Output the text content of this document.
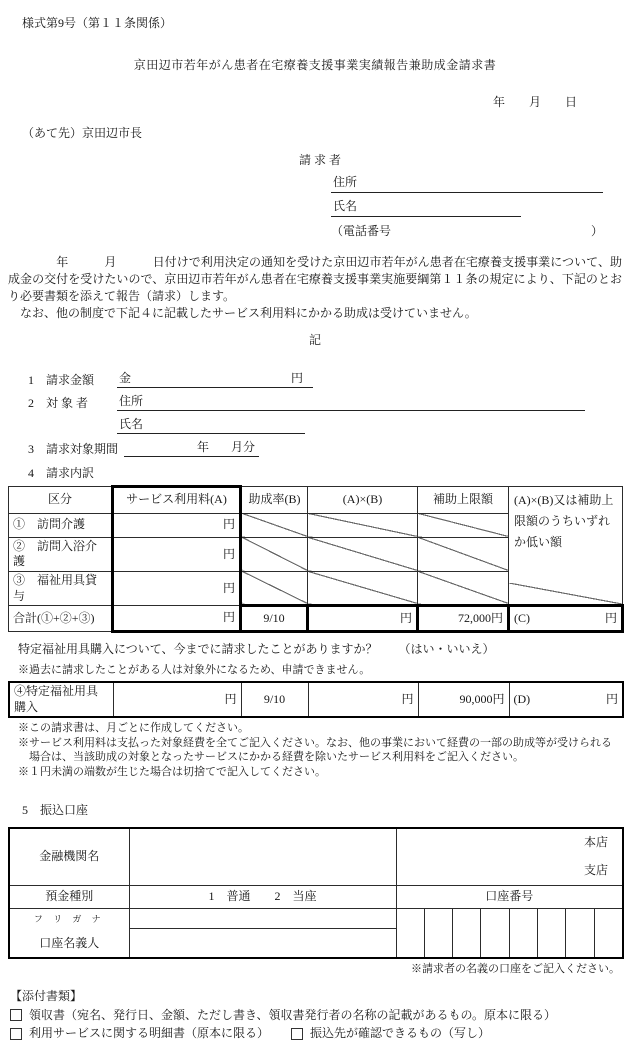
様式第9号（第１１条関係）
京田辺市若年がん患者在宅療養支援事業実績報告兼助成金請求書
年　　月　　日
（あて先）京田辺市長
請 求 者
住所
氏名
（電話番号	）

　　　　年　　　月　　　日付けで利用決定の通知を受けた京田辺市若年がん患者在宅療養支援事業について、助成金の交付を受けたいので、京田辺市若年がん患者在宅療養支援事業実施要綱第１１条の規定により、下記のとおり必要書類を添えて報告（請求）します。

　なお、他の制度で下記４に記載したサービス利用料にかかる助成は受けていません。

記
1　請求金額	金	円
2　対 象 者	住所
氏名
3　請求対象期間	年 月分
4　請求内訳
区分	サービス利用料(A)	助成率(B)	(A)×(B)	補助上限額	(A)×(B)又は補助上限額のうちいずれか低い額

①　訪問介護	円				
②　訪問入浴介護	円				
③　福祉用具貸与	円				
合計(①+②+③)	円	9/10	円	72,000円	(C) 円
特定福祉用具購入について、今までに請求したことがありますか？ （はい・いいえ）
※過去に請求したことがある人は対象外になるため、申請できません。
④特定福祉用具購入	円	9/10	円	90,000円	(D)	円
※この請求書は、月ごとに作成してください。
※サービス利用料は支払った対象経費を全てご記入ください。なお、他の事業において経費の一部の助成等が受けられる場合は、当該助成の対象となったサービスにかかる経費を除いたサービス利用料をご記入ください。
※１円未満の端数が生じた場合は切捨てで記入してください。
5　振込口座
金融機関名		本店
支店

預金種別	1　普通　　2　当座	口座番号

フ リ ガ ナ
口座名義人		

※請求者の名義の口座をご記入ください。
【添付書類】
領収書（宛名、発行日、金額、ただし書き、領収書発行者の名称の記載があるもの。原本に限る）
利用サービスに関する明細書（原本に限る）	振込先が確認できるもの（写し）
